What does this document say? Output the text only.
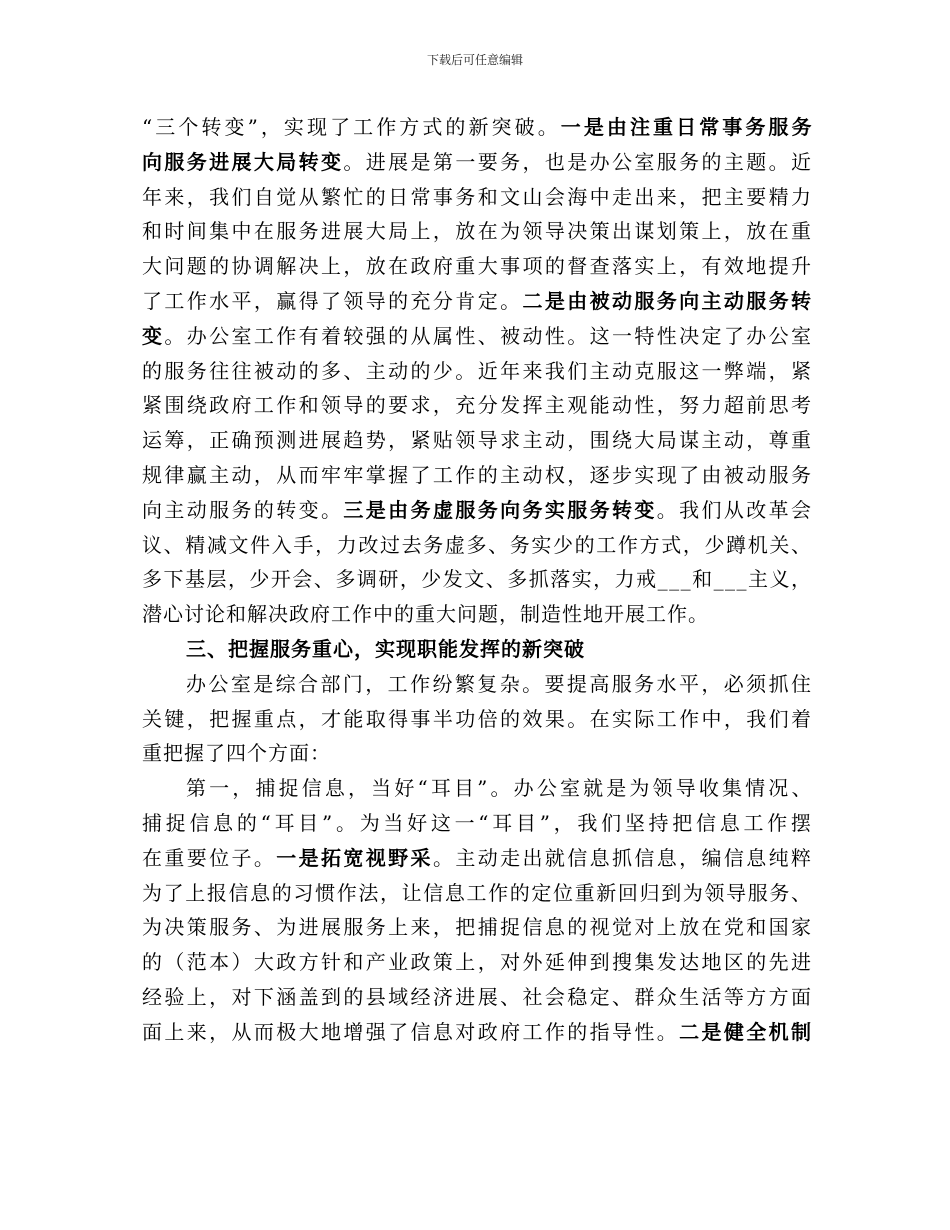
下载后可任意编辑
“三个转变”，实现了工作方式的新突破。一是由注重日常事务服务
向服务进展大局转变。进展是第一要务，也是办公室服务的主题。近
年来，我们自觉从繁忙的日常事务和文山会海中走出来，把主要精力
和时间集中在服务进展大局上，放在为领导决策出谋划策上，放在重
大问题的协调解决上，放在政府重大事项的督查落实上，有效地提升
了工作水平，赢得了领导的充分肯定。二是由被动服务向主动服务转
变。办公室工作有着较强的从属性、被动性。这一特性决定了办公室
的服务往往被动的多、主动的少。近年来我们主动克服这一弊端，紧
紧围绕政府工作和领导的要求，充分发挥主观能动性，努力超前思考
运筹，正确预测进展趋势，紧贴领导求主动，围绕大局谋主动，尊重
规律赢主动，从而牢牢掌握了工作的主动权，逐步实现了由被动服务
向主动服务的转变。三是由务虚服务向务实服务转变。我们从改革会
议、精减文件入手，力改过去务虚多、务实少的工作方式，少蹲机关、
多下基层，少开会、多调研，少发文、多抓落实，力戒___和___主义，
潜心讨论和解决政府工作中的重大问题，制造性地开展工作。
三、把握服务重心，实现职能发挥的新突破
办公室是综合部门，工作纷繁复杂。要提高服务水平，必须抓住
关键，把握重点，才能取得事半功倍的效果。在实际工作中，我们着
重把握了四个方面：
第一，捕捉信息，当好“耳目”。办公室就是为领导收集情况、
捕捉信息的“耳目”。为当好这一“耳目”，我们坚持把信息工作摆
在重要位子。一是拓宽视野采。主动走出就信息抓信息，编信息纯粹
为了上报信息的习惯作法，让信息工作的定位重新回归到为领导服务、
为决策服务、为进展服务上来，把捕捉信息的视觉对上放在党和国家
的（范本）大政方针和产业政策上，对外延伸到搜集发达地区的先进
经验上，对下涵盖到的县域经济进展、社会稳定、群众生活等方方面
面上来，从而极大地增强了信息对政府工作的指导性。二是健全机制
